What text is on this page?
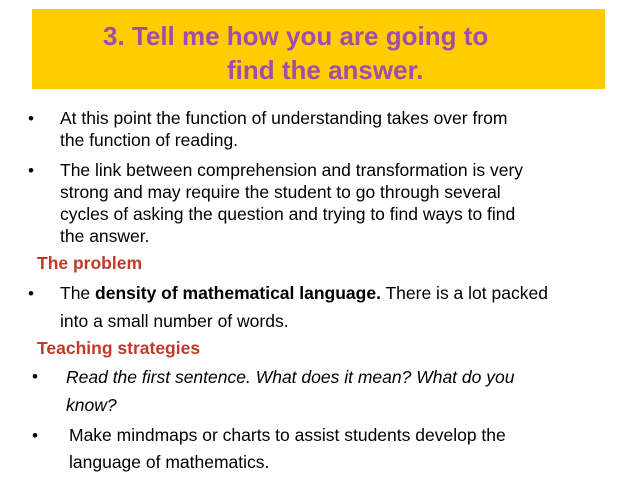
3. Tell me how you are going to
find the answer.
• At this point the function of understanding takes over from
the function of reading.
• The link between comprehension and transformation is very
strong and may require the student to go through several
cycles of asking the question and trying to find ways to find
the answer.
The problem
• The density of mathematical language. There is a lot packed
into a small number of words.
Teaching strategies
• Read the first sentence. What does it mean? What do you
know?
• Make mindmaps or charts to assist students develop the
language of mathematics.
